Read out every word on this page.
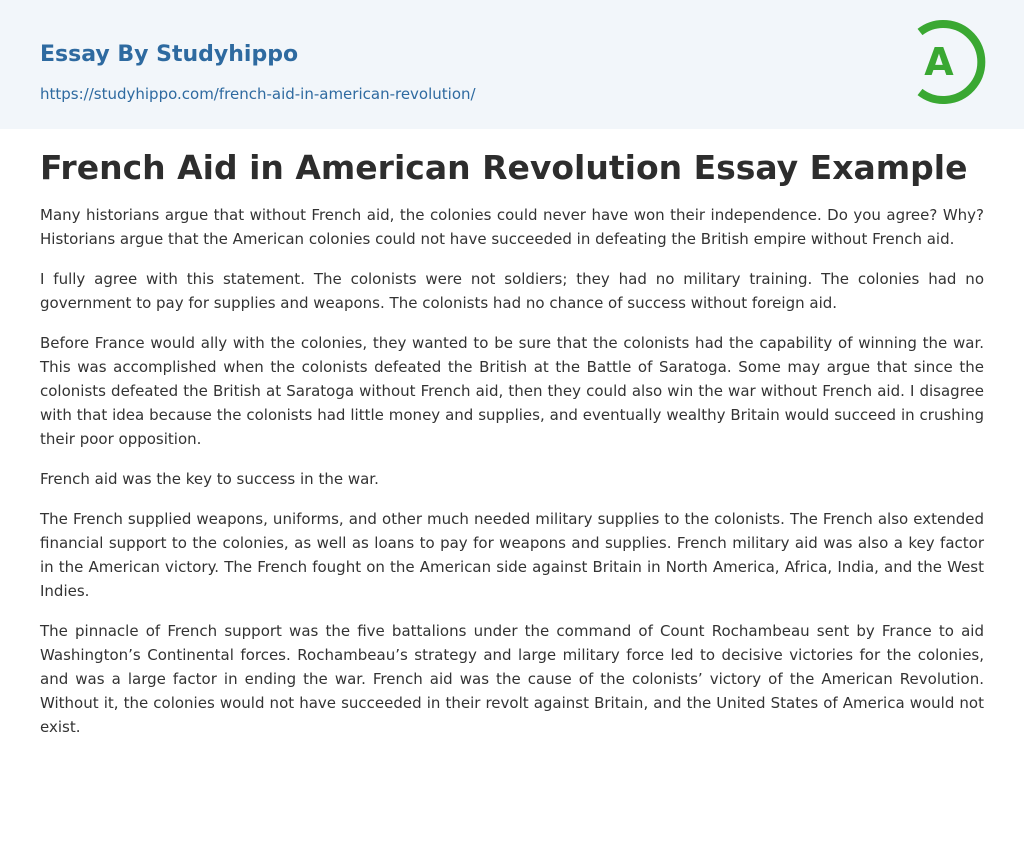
Essay By Studyhippo
https://studyhippo.com/french-aid-in-american-revolution/
A
French Aid in American Revolution Essay Example

Many historians argue that without French aid, the colonies could never have won their independence. Do you agree? Why? Historians argue that the American colonies could not have succeeded in defeating the British empire without French aid.

I fully agree with this statement. The colonists were not soldiers; they had no military training. The colonies had no government to pay for supplies and weapons. The colonists had no chance of success without foreign aid.

Before France would ally with the colonies, they wanted to be sure that the colonists had the capability of winning the war. This was accomplished when the colonists defeated the British at the Battle of Saratoga. Some may argue that since the colonists defeated the British at Saratoga without French aid, then they could also win the war without French aid. I disagree with that idea because the colonists had little money and supplies, and eventually wealthy Britain would succeed in crushing their poor opposition.

French aid was the key to success in the war.

The French supplied weapons, uniforms, and other much needed military supplies to the colonists. The French also extended financial support to the colonies, as well as loans to pay for weapons and supplies. French military aid was also a key factor in the American victory. The French fought on the American side against Britain in North America, Africa, India, and the West Indies.

The pinnacle of French support was the five battalions under the command of Count Rochambeau sent by France to aid Washington’s Continental forces. Rochambeau’s strategy and large military force led to decisive victories for the colonies, and was a large factor in ending the war. French aid was the cause of the colonists’ victory of the American Revolution. Without it, the colonies would not have succeeded in their revolt against Britain, and the United States of America would not exist.
